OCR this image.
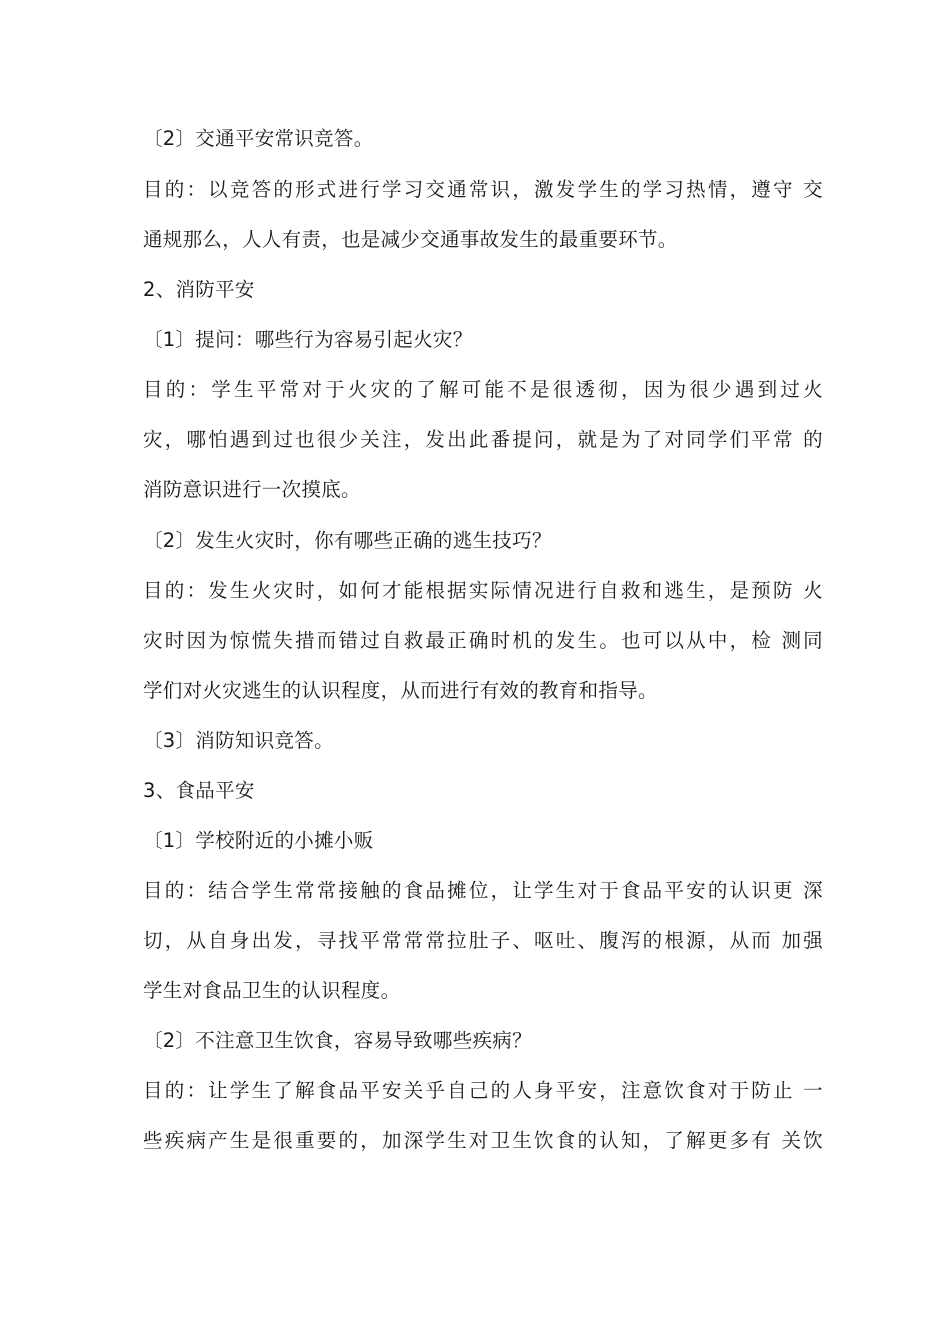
〔2〕交通平安常识竞答。
目的：以竞答的形式进行学习交通常识，激发学生的学习热情，遵守 交
通规那么，人人有责，也是减少交通事故发生的最重要环节。
2、消防平安
〔1〕提问：哪些行为容易引起火灾？
目的：学生平常对于火灾的了解可能不是很透彻，因为很少遇到过火
灾，哪怕遇到过也很少关注，发出此番提问，就是为了对同学们平常 的
消防意识进行一次摸底。
〔2〕发生火灾时，你有哪些正确的逃生技巧？
目的：发生火灾时，如何才能根据实际情况进行自救和逃生，是预防 火
灾时因为惊慌失措而错过自救最正确时机的发生。也可以从中，检 测同
学们对火灾逃生的认识程度，从而进行有效的教育和指导。
〔3〕消防知识竞答。
3、食品平安
〔1〕学校附近的小摊小贩
目的：结合学生常常接触的食品摊位，让学生对于食品平安的认识更 深
切，从自身出发，寻找平常常常拉肚子、呕吐、腹泻的根源，从而 加强
学生对食品卫生的认识程度。
〔2〕不注意卫生饮食，容易导致哪些疾病？
目的：让学生了解食品平安关乎自己的人身平安，注意饮食对于防止 一
些疾病产生是很重要的，加深学生对卫生饮食的认知，了解更多有 关饮
